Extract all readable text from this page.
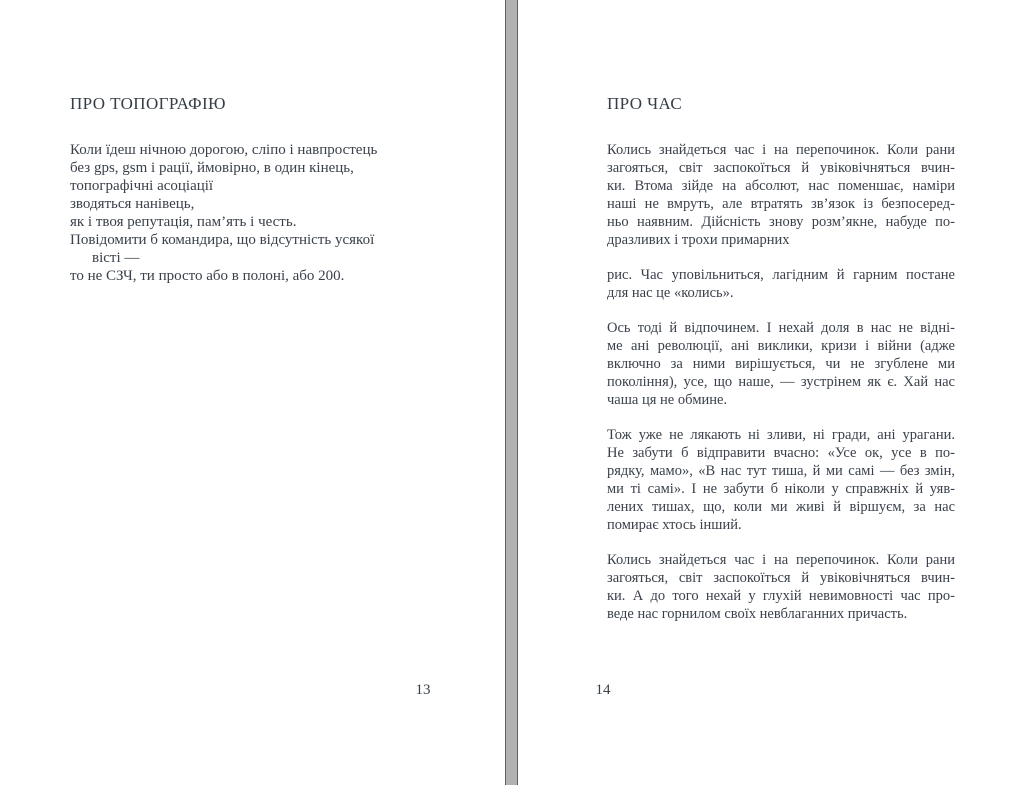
ПРО ТОПОГРАФІЮ
Коли їдеш нічною дорогою, сліпо і навпростець
без gps, gsm і рації, ймовірно, в один кінець,
топографічні асоціації
зводяться нанівець,
як і твоя репутація, пам’ять і честь.
Повідомити б командира, що відсутність усякої
вісті —
то не СЗЧ, ти просто або в полоні, або 200.
13
ПРО ЧАС

Колись знайдеться час і на перепочинок. Коли рани
загояться, світ заспокоїться й увіковічняться вчин-
ки. Втома зійде на абсолют, нас поменшає, наміри
наші не вмруть, але втратять зв’язок із безпосеред-
ньо наявним. Дійсність знову розм’якне, набуде по-
дразливих і трохи примарних

рис. Час уповільниться, лагідним й гарним постане
для нас це «колись».

Ось тоді й відпочинем. І нехай доля в нас не відні-
ме ані революції, ані виклики, кризи і війни (адже
включно за ними вирішується, чи не згублене ми
покоління), усе, що наше, — зустрінем як є. Хай нас
чаша ця не обмине.

Тож уже не лякають ні зливи, ні гради, ані урагани.
Не забути б відправити вчасно: «Усе ок, усе в по-
рядку, мамо», «В нас тут тиша, й ми самі — без змін,
ми ті самі». І не забути б ніколи у справжніх й уяв-
лених тишах, що, коли ми живі й віршуєм, за нас
помирає хтось інший.

Колись знайдеться час і на перепочинок. Коли рани
загояться, світ заспокоїться й увіковічняться вчин-
ки. А до того нехай у глухій невимовності час про-
веде нас горнилом своїх невблаганних причасть.

14
